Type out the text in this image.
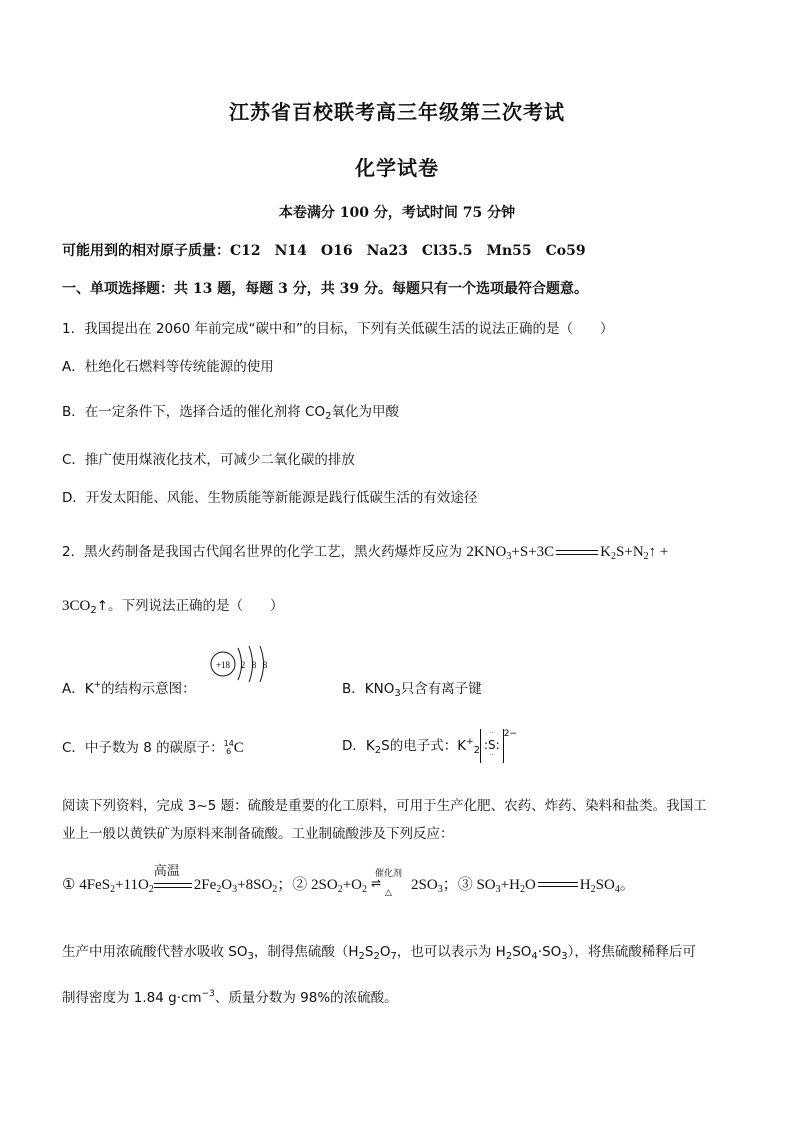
江苏省百校联考高三年级第三次考试
化学试卷
本卷满分 100 分，考试时间 75 分钟
可能用到的相对原子质量：C12　N14　O16　Na23　Cl35.5　Mn55　Co59
一、单项选择题：共 13 题，每题 3 分，共 39 分。每题只有一个选项最符合题意。
1．我国提出在 2060 年前完成“碳中和”的目标，下列有关低碳生活的说法正确的是（　　）
A．杜绝化石燃料等传统能源的使用
B．在一定条件下，选择合适的催化剂将 $CO_2$氧化为甲酸
C．推广使用煤液化技术，可减少二氧化碳的排放
D．开发太阳能、风能、生物质能等新能源是践行低碳生活的有效途径
2．黑火药制备是我国古代闻名世界的化学工艺，黑火药爆炸反应为 $2KNO_3+S+3C$	$K_2S+N_2↑$ +
$3CO_2↑$。下列说法正确的是（　　）
A．K+的结构示意图：
+18 2 8 8
B．$KNO_3$只含有离子键
C．中子数为 8 的碳原子：14
6 C	D．$K_2S$的电子式：$K^+_2$
··
:S:
··
$^{2-}$
阅读下列资料，完成 3~5 题：硫酸是重要的化工原料，可用于生产化肥、农药、炸药、染料和盐类。我国工
业上一般以黄铁矿为原料来制备硫酸。工业制硫酸涉及下列反应：
① $4FeS_2+11O_2$
高温
$2Fe_2O_3+8SO_2$；② $2SO_2+O_2$
催化剂
⇌
△ $2SO_3$；③ $SO_3+H_2O$	$H_2SO_4$。
生产中用浓硫酸代替水吸收 $SO_3$，制得焦硫酸（$H_2S_2O_7$，也可以表示为 $H_2SO_4\cdot SO_3$），将焦硫酸稀释后可
制得密度为 1.84 $g\cdot cm^{-3}$、质量分数为 98%的浓硫酸。
